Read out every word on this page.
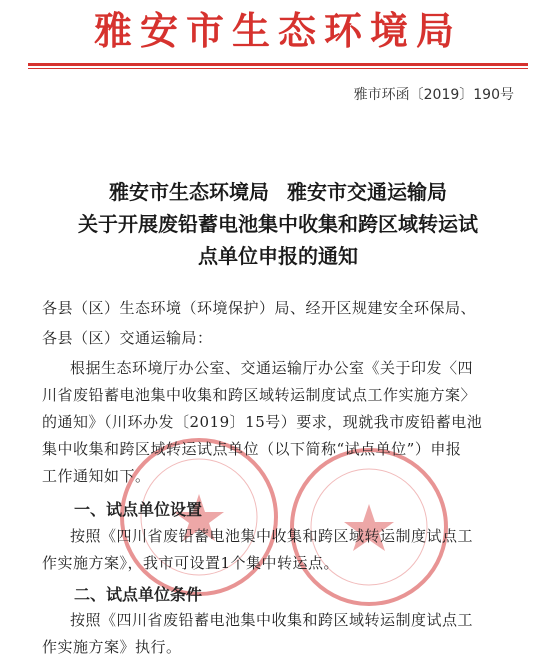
雅安市生态环境局
雅市环函〔2019〕190号
雅安市生态环境局 雅安市交通运输局
关于开展废铅蓄电池集中收集和跨区域转运试
点单位申报的通知
各县（区）生态环境（环境保护）局、经开区规建安全环保局、
各县（区）交通运输局：
根据生态环境厅办公室、交通运输厅办公室《关于印发〈四
川省废铅蓄电池集中收集和跨区域转运制度试点工作实施方案〉
的通知》（川环办发〔2019〕15号）要求，现就我市废铅蓄电池
集中收集和跨区域转运试点单位（以下简称“试点单位”）申报
工作通知如下。
一、试点单位设置
按照《四川省废铅蓄电池集中收集和跨区域转运制度试点工
作实施方案》，我市可设置1个集中转运点。
二、试点单位条件
按照《四川省废铅蓄电池集中收集和跨区域转运制度试点工
作实施方案》执行。
